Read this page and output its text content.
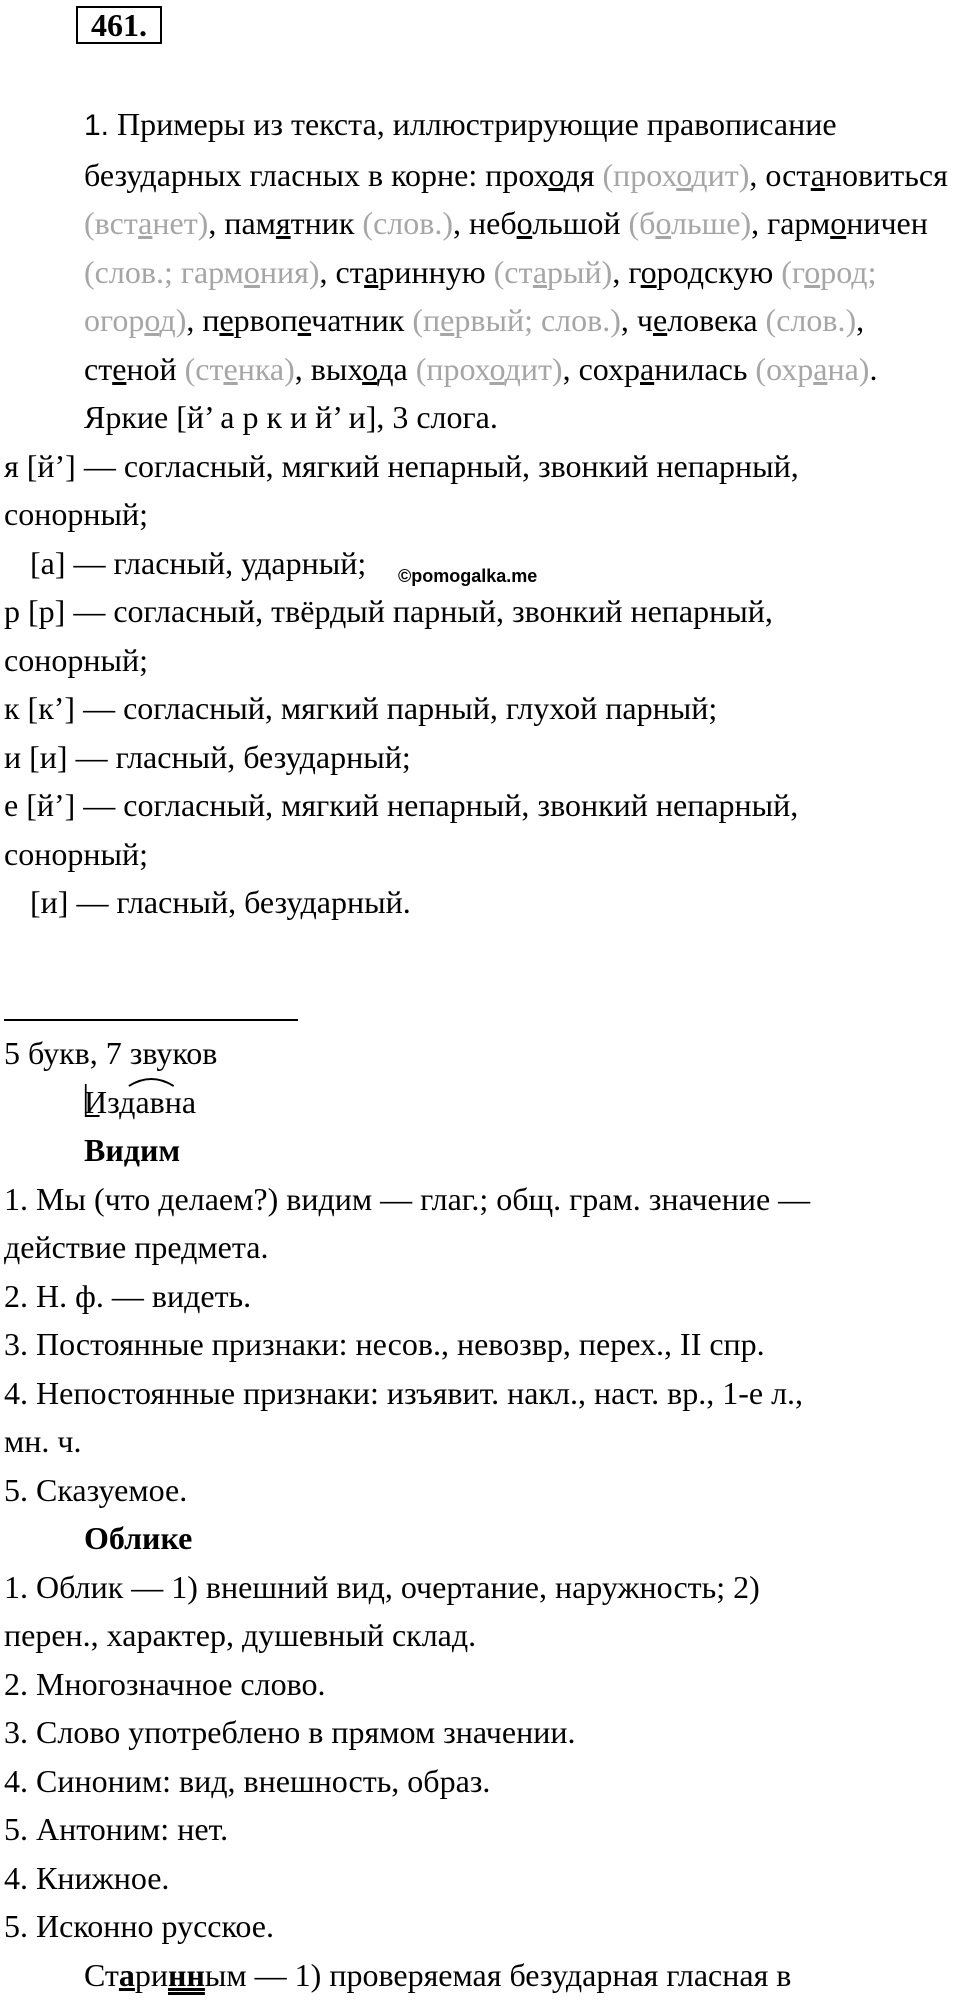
461.

1. Примеры из текста, иллюстрирующие правописание безударных гласных в корне: проходя (проходит), остановиться (встанет), памятник (слов.), небольшой (больше), гармоничен (слов.; гармония), старинную (старый), городскую (город; огород), первопечатник (первый; слов.), человека (слов.), стеной (стенка), выхода (проходит), сохранилась (охрана).

Яркие [й’ а р к и й’ и], 3 слога.

я [й’] — согласный, мягкий непарный, звонкий непарный,

сонорный;

[а] — гласный, ударный;

р [р] — согласный, твёрдый парный, звонкий непарный,

сонорный;

к [к’] — согласный, мягкий парный, глухой парный;

и [и] — гласный, безударный;

е [й’] — согласный, мягкий непарный, звонкий непарный,

сонорный;

[и] — гласный, безударный.

©pomogalka.me

5 букв, 7 звуков

Издавна

Видим

1. Мы (что делаем?) видим — глаг.; общ. грам. значение —

действие предмета.

2. Н. ф. — видеть.

3. Постоянные признаки: несов., невозвр, перех., II спр.

4. Непостоянные признаки: изъявит. накл., наст. вр., 1-е л.,

мн. ч.

5. Сказуемое.

Облике

1. Облик — 1) внешний вид, очертание, наружность; 2)

перен., характер, душевный склад.

2. Многозначное слово.

3. Слово употреблено в прямом значении.

4. Синоним: вид, внешность, образ.

5. Антоним: нет.

4. Книжное.

5. Исконно русское.

Старинным — 1) проверяемая безударная гласная в
